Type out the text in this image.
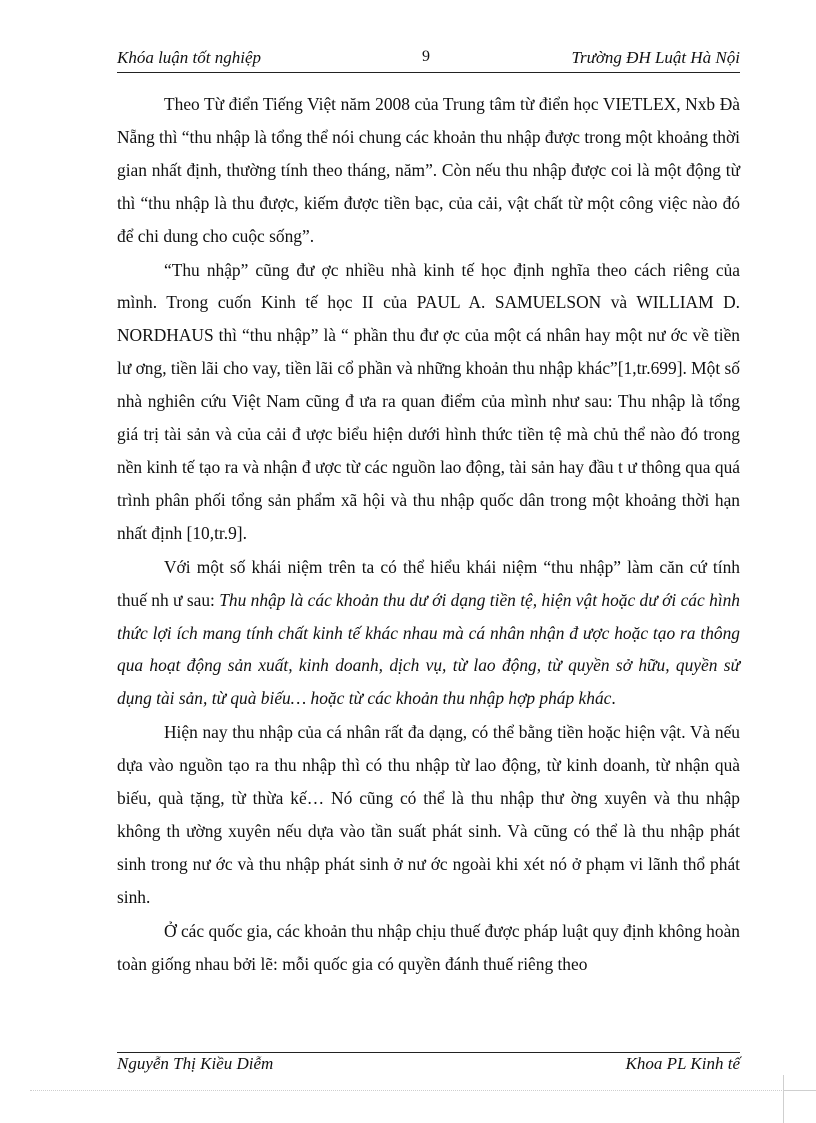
Khóa luận tốt nghiệp	9	Trường ĐH Luật Hà Nội

Theo Từ điển Tiếng Việt năm 2008 của Trung tâm từ điển học VIETLEX, Nxb Đà Nẵng thì “thu nhập là tổng thể nói chung các khoản thu nhập được trong một khoảng thời gian nhất định, thường tính theo tháng, năm”. Còn nếu thu nhập được coi là một động từ thì “thu nhập là thu được, kiếm được tiền bạc, của cải, vật chất từ một công việc nào đó để chi dung cho cuộc sống”.

“Thu nhập” cũng đư ợc nhiều nhà kinh tế học định nghĩa theo cách riêng của mình. Trong cuốn Kinh tế học II của PAUL A. SAMUELSON và WILLIAM D. NORDHAUS thì “thu nhập” là “ phần thu đư ợc của một cá nhân hay một nư ớc về tiền lư ơng, tiền lãi cho vay, tiền lãi cổ phần và những khoản thu nhập khác”[1,tr.699]. Một số nhà nghiên cứu Việt Nam cũng đ ưa ra quan điểm của mình như sau: Thu nhập là tổng giá trị tài sản và của cải đ ược biểu hiện dưới hình thức tiền tệ mà chủ thể nào đó trong nền kinh tế tạo ra và nhận đ ược từ các nguồn lao động, tài sản hay đầu t ư thông qua quá trình phân phối tổng sản phẩm xã hội và thu nhập quốc dân trong một khoảng thời hạn nhất định [10,tr.9].

Với một số khái niệm trên ta có thể hiểu khái niệm “thu nhập” làm căn cứ tính thuế nh ư sau: Thu nhập là các khoản thu dư ới dạng tiền tệ, hiện vật hoặc dư ới các hình thức lợi ích mang tính chất kinh tế khác nhau mà cá nhân nhận đ ược hoặc tạo ra thông qua hoạt động sản xuất, kinh doanh, dịch vụ, từ lao động, từ quyền sở hữu, quyền sử dụng tài sản, từ quà biếu… hoặc từ các khoản thu nhập hợp pháp khác.

Hiện nay thu nhập của cá nhân rất đa dạng, có thể bằng tiền hoặc hiện vật. Và nếu dựa vào nguồn tạo ra thu nhập thì có thu nhập từ lao động, từ kinh doanh, từ nhận quà biếu, quà tặng, từ thừa kế… Nó cũng có thể là thu nhập thư ờng xuyên và thu nhập không th ường xuyên nếu dựa vào tần suất phát sinh. Và cũng có thể là thu nhập phát sinh trong nư ớc và thu nhập phát sinh ở nư ớc ngoài khi xét nó ở phạm vi lãnh thổ phát sinh.

Ở các quốc gia, các khoản thu nhập chịu thuế được pháp luật quy định không hoàn toàn giống nhau bởi lẽ: mỗi quốc gia có quyền đánh thuế riêng theo

Nguyễn Thị Kiều Diễm	Khoa PL Kinh tế
